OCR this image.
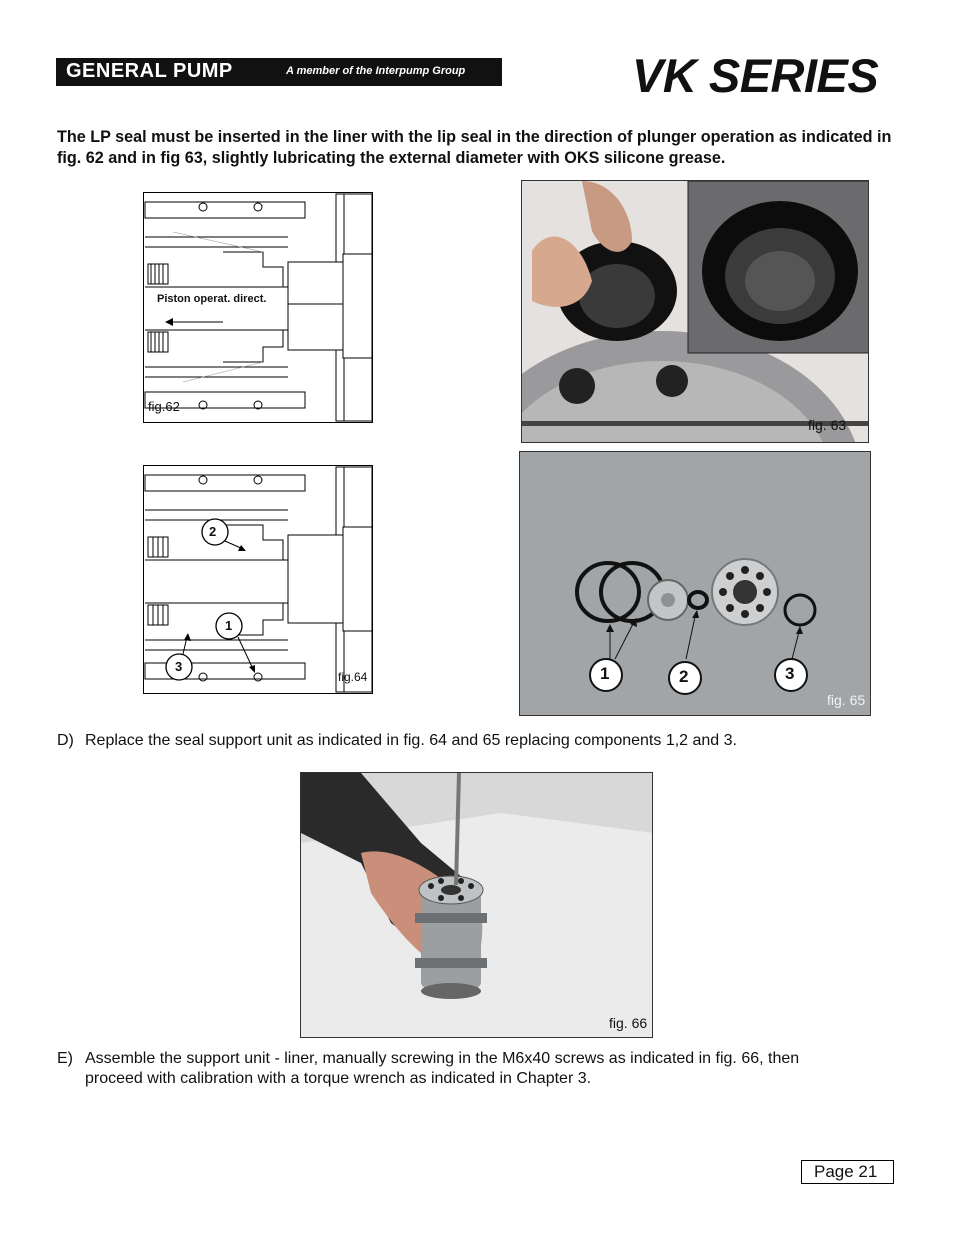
GENERAL PUMP	A member of the Interpump Group	VK SERIES
The LP seal must be inserted in the liner with the lip seal in the direction of plunger operation as indicated in fig. 62 and in fig 63, slightly lubricating the external diameter with OKS silicone grease.
Piston operat. direct.
fig.62
fig. 63
2
1
3
fig.64	1	2	3
fig. 65
D) Replace the seal support unit as indicated in fig. 64 and 65 replacing components 1,2 and 3.
fig. 66
E) Assemble the support unit - liner, manually screwing in the M6x40 screws as indicated in fig. 66, then
proceed with calibration with a torque wrench as indicated in Chapter 3.
Page 21
